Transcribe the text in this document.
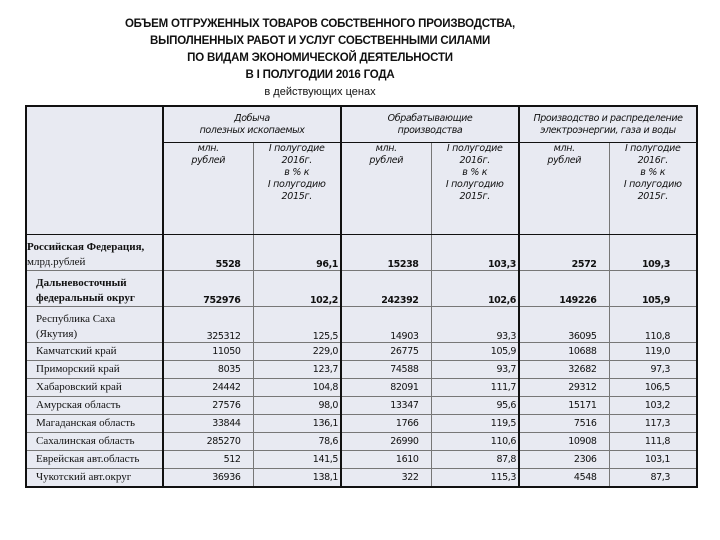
ОБЪЕМ ОТГРУЖЕННЫХ ТОВАРОВ СОБСТВЕННОГО ПРОИЗВОДСТВА,
ВЫПОЛНЕННЫХ РАБОТ И УСЛУГ СОБСТВЕННЫМИ СИЛАМИ
ПО ВИДАМ ЭКОНОМИЧЕСКОЙ ДЕЯТЕЛЬНОСТИ
В I ПОЛУГОДИИ 2016 ГОДА
в действующих ценах

Добыча
полезных ископаемых

Обрабатывающие
производства

Производство и распределение
электроэнергии, газа и воды

млн.
рублей

I полугодие
2016г.
в % к
I полугодию
2015г.

млн.
рублей

I полугодие
2016г.
в % к
I полугодию
2015г.

млн.
рублей

I полугодие
2016г.
в % к
I полугодию
2015г.

Российская Федерация,
млрд.рублей	5528	96,1	15238	103,3	2572	109,3

Дальневосточный
федеральный округ	752976	102,2	242392	102,6	149226	105,9

Республика Саха
(Якутия)	325312	125,5	14903	93,3	36095	110,8
Камчатский край	11050	229,0	26775	105,9	10688	119,0
Приморский край	8035	123,7	74588	93,7	32682	97,3
Хабаровский край	24442	104,8	82091	111,7	29312	106,5
Амурская область	27576	98,0	13347	95,6	15171	103,2
Магаданская область	33844	136,1	1766	119,5	7516	117,3
Сахалинская область	285270	78,6	26990	110,6	10908	111,8
Еврейская авт.область	512	141,5	1610	87,8	2306	103,1
Чукотский авт.округ	36936	138,1	322	115,3	4548	87,3
